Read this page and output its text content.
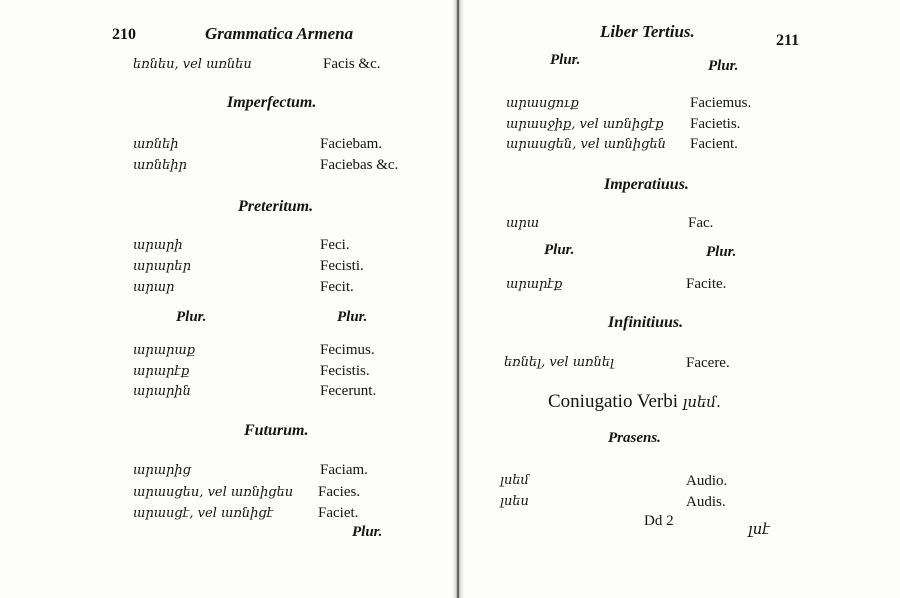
210	Grammatica Armena
եռնես, vel առնես	Facis &c.
Imperfectum.
առնեի	Faciebam.
առնեիր	Faciebas &c.
Preteritum.
արարի	Feci.
արարեր	Fecisti.
արար	Fecit.
Plur.	Plur.
արարաք	Fecimus.
արարէք	Fecistis.
արարին	Fecerunt.
Futurum.
արարից	Faciam.
արասցես, vel առնիցես Facies.
արասցէ, vel առնիցէ	Faciet.
Plur.
Liber Tertius.	211
Plur.	Plur.
արասցուք	Faciemus.
արասջիք, vel առնիցէք Facietis.
արասցեն, vel առնիցեն Facient.
Imperatiuus.
արա	Fac.
Plur.	Plur.
արարէք	Facite.
Infinitiuus.
եռնել, vel առնել	Facere.
Coniugatio Verbi լսեմ.
Prasens.
լսեմ	Audio.
լսես	Audis.
Dd 2	լսէ
